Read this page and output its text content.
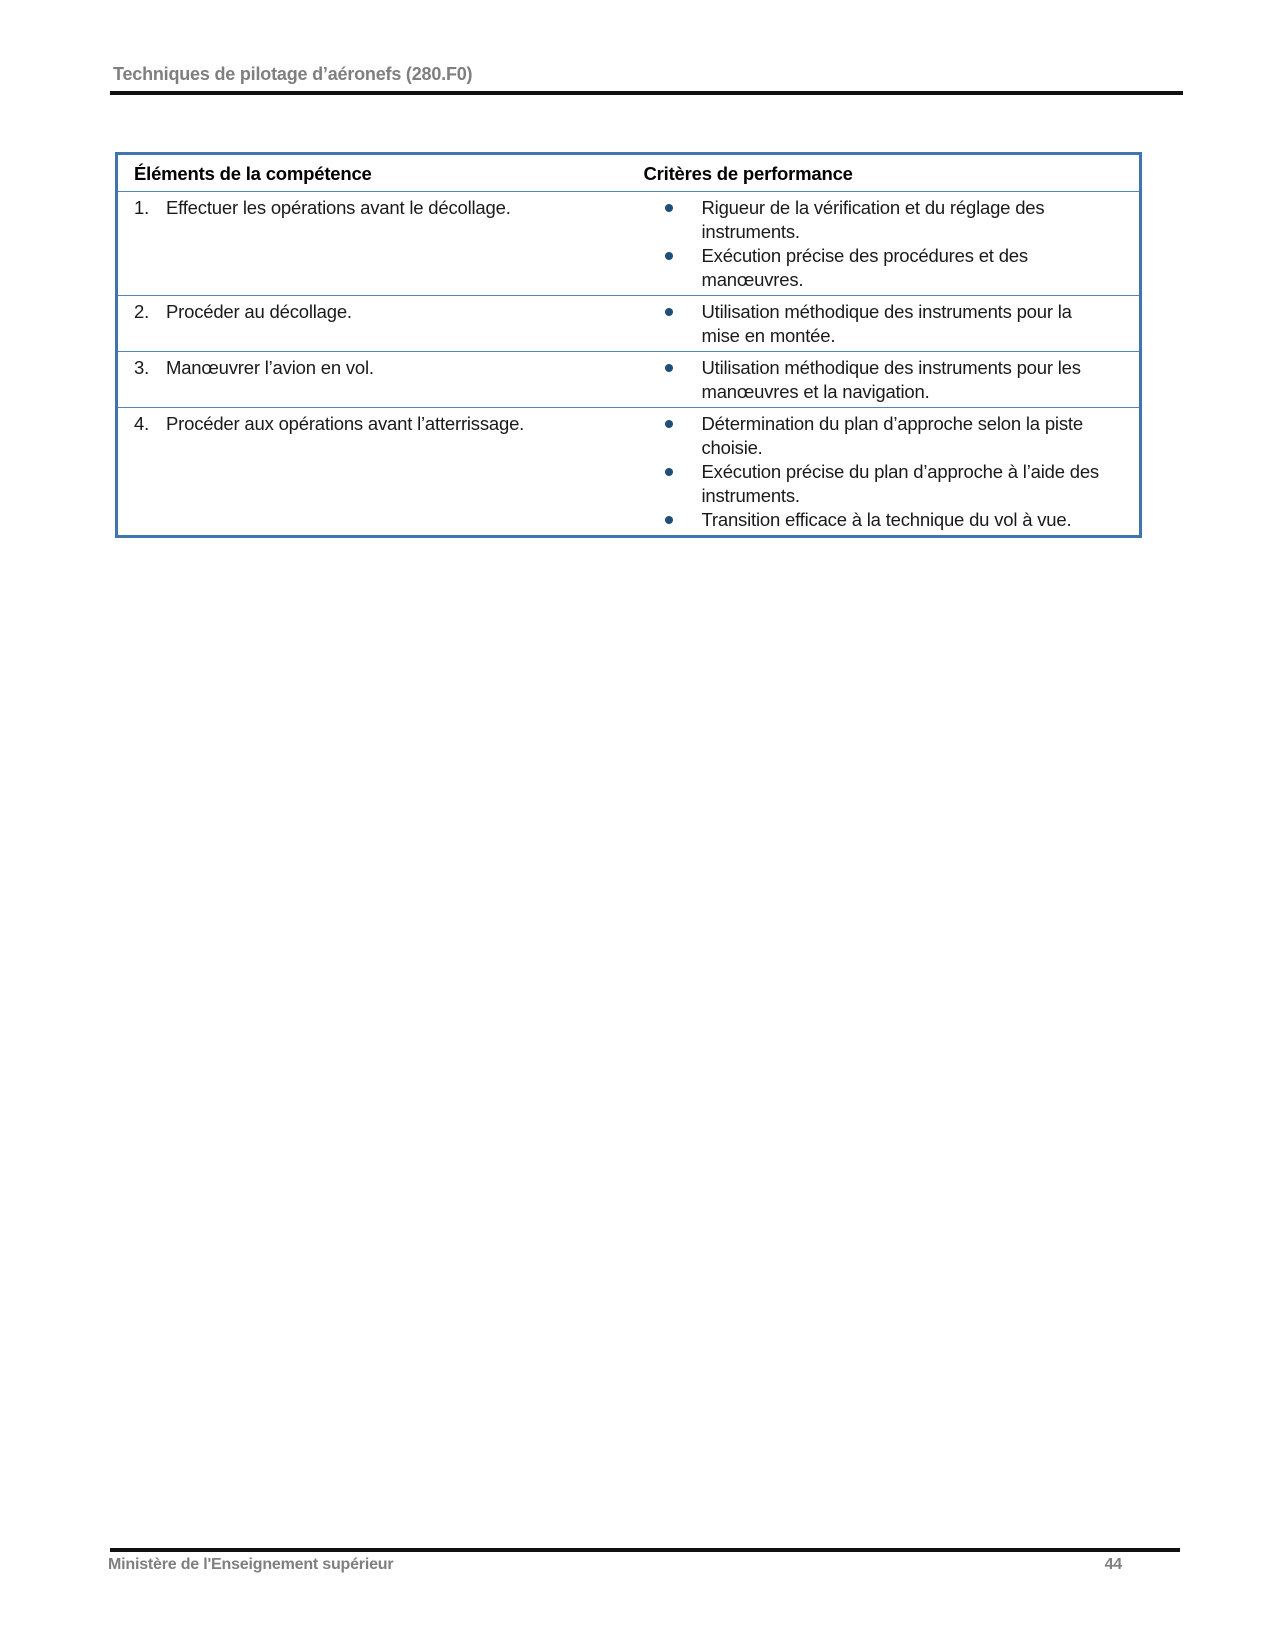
Techniques de pilotage d’aéronefs (280.F0)
Éléments de la compétence	Critères de performance

1. Effectuer les opérations avant le décollage.	Rigueur de la vérification et du réglage des instruments.
Exécution précise des procédures et des manœuvres.

2. Procéder au décollage.	Utilisation méthodique des instruments pour la mise en montée.

3. Manœuvrer l’avion en vol.	Utilisation méthodique des instruments pour les manœuvres et la navigation.

4. Procéder aux opérations avant l’atterrissage.	Détermination du plan d’approche selon la piste choisie.
Exécution précise du plan d’approche à l’aide des instruments.
Transition efficace à la technique du vol à vue.
Ministère de l'Enseignement supérieur	44
